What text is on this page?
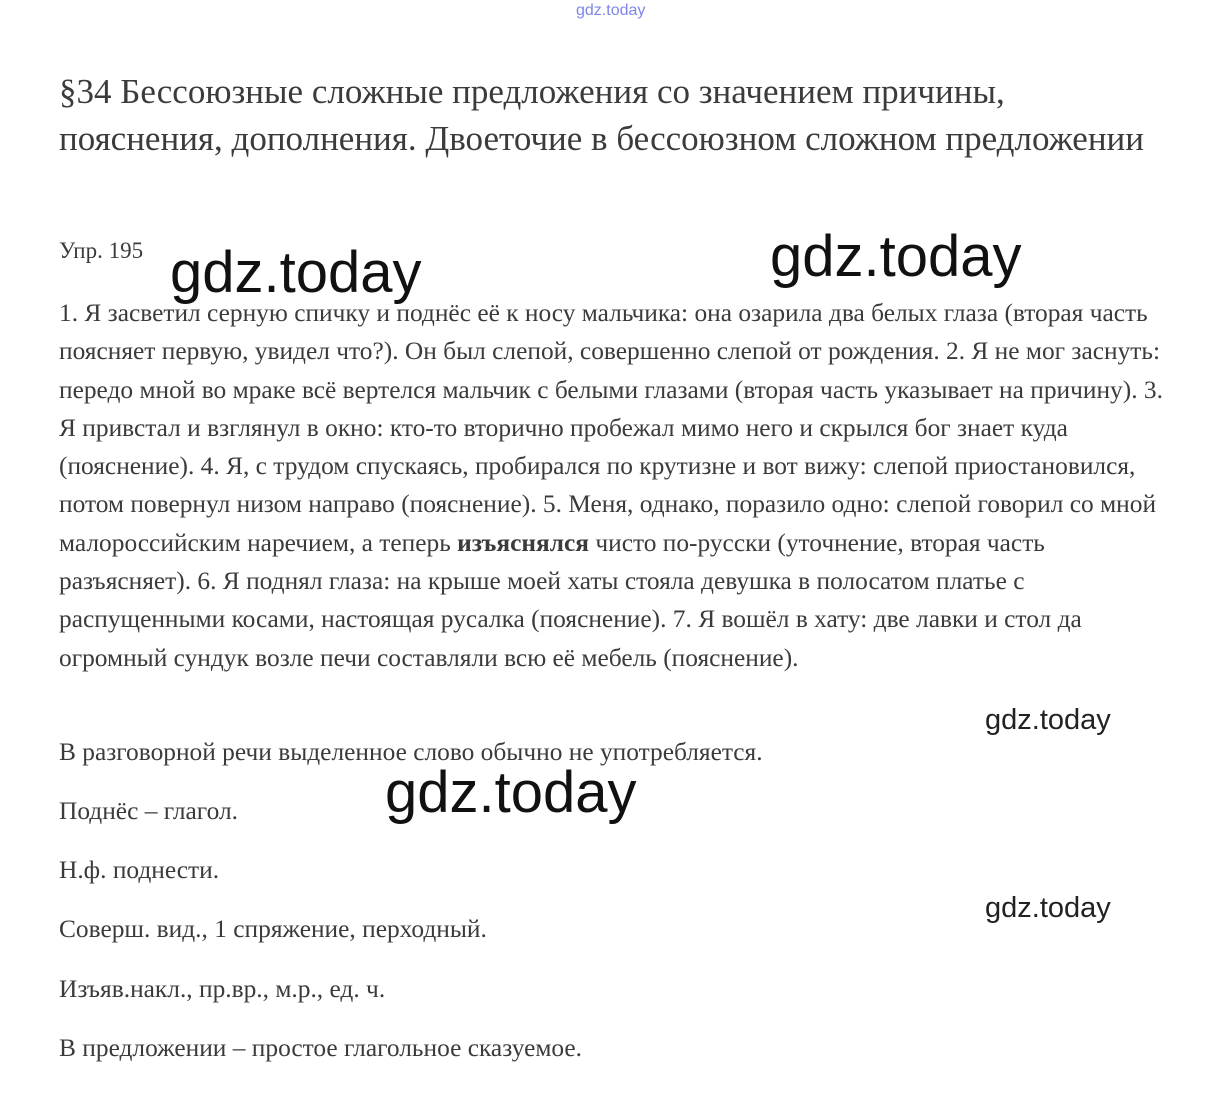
gdz.today
§34 Бессоюзные сложные предложения со значением причины, пояснения, дополнения. Двоеточие в бессоюзном сложном предложении
Упр. 195

1. Я засветил серную спичку и поднёс её к носу мальчика: она озарила два белых глаза (вторая часть поясняет первую, увидел что?). Он был слепой, совершенно слепой от рождения. 2. Я не мог заснуть: передо мной во мраке всё вертелся мальчик с белыми глазами (вторая часть указывает на причину). 3. Я привстал и взглянул в окно: кто-то вторично пробежал мимо него и скрылся бог знает куда (пояснение). 4. Я, с трудом спускаясь, пробирался по крутизне и вот вижу: слепой приостановился, потом повернул низом направо (пояснение). 5. Меня, однако, поразило одно: слепой говорил со мной малороссийским наречием, а теперь изъяснялся чисто по-русски (уточнение, вторая часть разъясняет). 6. Я поднял глаза: на крыше моей хаты стояла девушка в полосатом платье с распущенными косами, настоящая русалка (пояснение). 7. Я вошёл в хату: две лавки и стол да огромный сундук возле печи составляли всю её мебель (пояснение).

В разговорной речи выделенное слово обычно не употребляется.
Поднёс – глагол.
Н.ф. поднести.
Соверш. вид., 1 спряжение, перходный.
Изъяв.накл., пр.вр., м.р., ед. ч.
В предложении – простое глагольное сказуемое.
gdz.today	gdz.today
gdz.today
gdz.today
gdz.today
